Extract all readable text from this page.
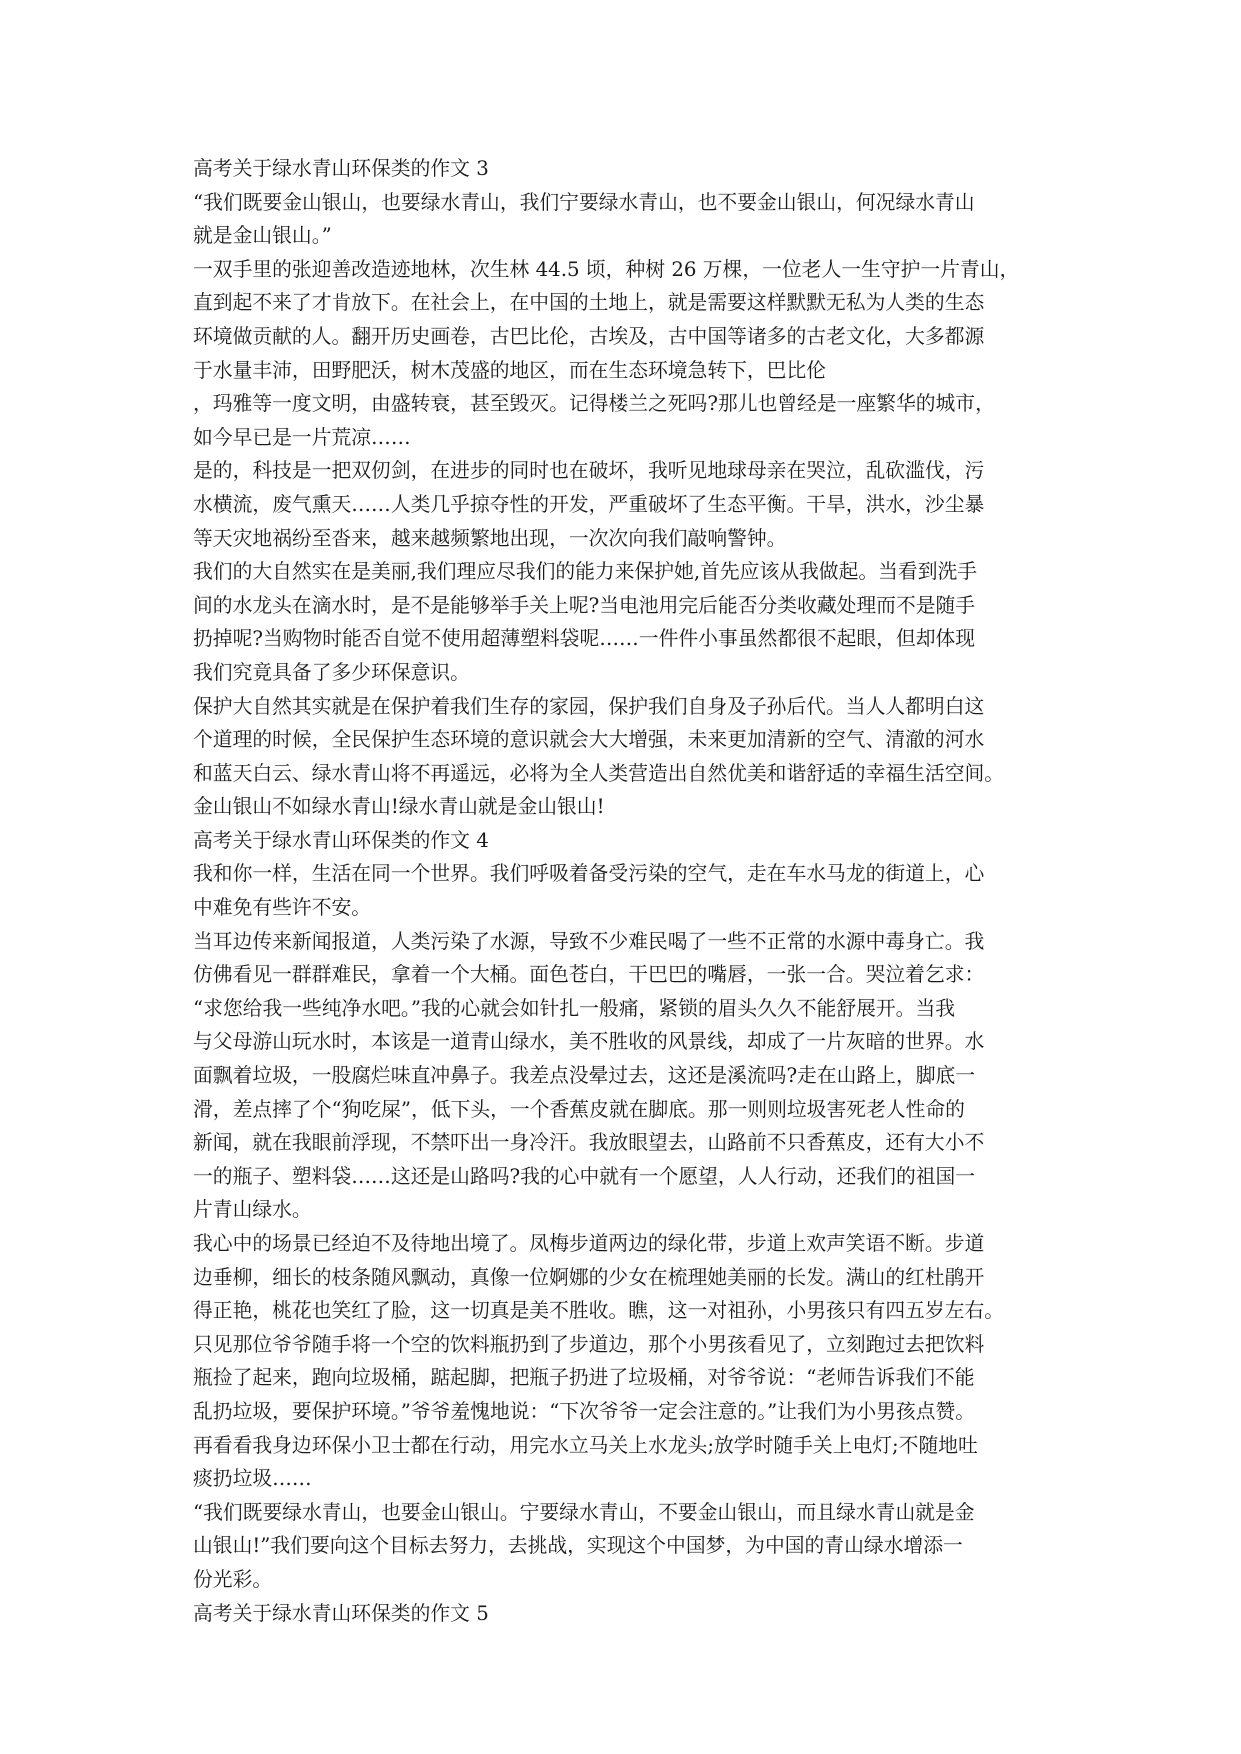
高考关于绿水青山环保类的作文 3
“我们既要金山银山，也要绿水青山，我们宁要绿水青山，也不要金山银山，何况绿水青山
就是金山银山。”
一双手里的张迎善改造迹地林，次生林 44.5 顷，种树 26 万棵，一位老人一生守护一片青山，
直到起不来了才肯放下。在社会上，在中国的土地上，就是需要这样默默无私为人类的生态
环境做贡献的人。翻开历史画卷，古巴比伦，古埃及，古中国等诸多的古老文化，大多都源
于水量丰沛，田野肥沃，树木茂盛的地区，而在生态环境急转下，巴比伦
，玛雅等一度文明，由盛转衰，甚至毁灭。记得楼兰之死吗?那儿也曾经是一座繁华的城市，
如今早已是一片荒凉……
是的，科技是一把双仞剑，在进步的同时也在破坏，我听见地球母亲在哭泣，乱砍滥伐，污
水横流，废气熏天……人类几乎掠夺性的开发，严重破坏了生态平衡。干旱，洪水，沙尘暴
等天灾地祸纷至沓来，越来越频繁地出现，一次次向我们敲响警钟。
我们的大自然实在是美丽,我们理应尽我们的能力来保护她,首先应该从我做起。当看到洗手
间的水龙头在滴水时，是不是能够举手关上呢?当电池用完后能否分类收藏处理而不是随手
扔掉呢?当购物时能否自觉不使用超薄塑料袋呢……一件件小事虽然都很不起眼，但却体现
我们究竟具备了多少环保意识。
保护大自然其实就是在保护着我们生存的家园，保护我们自身及子孙后代。当人人都明白这
个道理的时候，全民保护生态环境的意识就会大大增强，未来更加清新的空气、清澈的河水
和蓝天白云、绿水青山将不再遥远，必将为全人类营造出自然优美和谐舒适的幸福生活空间。
金山银山不如绿水青山!绿水青山就是金山银山!
高考关于绿水青山环保类的作文 4
我和你一样，生活在同一个世界。我们呼吸着备受污染的空气，走在车水马龙的街道上，心
中难免有些许不安。
当耳边传来新闻报道，人类污染了水源，导致不少难民喝了一些不正常的水源中毒身亡。我
仿佛看见一群群难民，拿着一个大桶。面色苍白，干巴巴的嘴唇，一张一合。哭泣着乞求：
“求您给我一些纯净水吧。”我的心就会如针扎一般痛，紧锁的眉头久久不能舒展开。当我
与父母游山玩水时，本该是一道青山绿水，美不胜收的风景线，却成了一片灰暗的世界。水
面飘着垃圾，一股腐烂味直冲鼻子。我差点没晕过去，这还是溪流吗?走在山路上，脚底一
滑，差点摔了个“狗吃屎”，低下头，一个香蕉皮就在脚底。那一则则垃圾害死老人性命的
新闻，就在我眼前浮现，不禁吓出一身冷汗。我放眼望去，山路前不只香蕉皮，还有大小不
一的瓶子、塑料袋……这还是山路吗?我的心中就有一个愿望，人人行动，还我们的祖国一
片青山绿水。
我心中的场景已经迫不及待地出境了。凤梅步道两边的绿化带，步道上欢声笑语不断。步道
边垂柳，细长的枝条随风飘动，真像一位婀娜的少女在梳理她美丽的长发。满山的红杜鹃开
得正艳，桃花也笑红了脸，这一切真是美不胜收。瞧，这一对祖孙，小男孩只有四五岁左右。
只见那位爷爷随手将一个空的饮料瓶扔到了步道边，那个小男孩看见了，立刻跑过去把饮料
瓶捡了起来，跑向垃圾桶，踮起脚，把瓶子扔进了垃圾桶，对爷爷说：“老师告诉我们不能
乱扔垃圾，要保护环境。”爷爷羞愧地说：“下次爷爷一定会注意的。”让我们为小男孩点赞。
再看看我身边环保小卫士都在行动，用完水立马关上水龙头;放学时随手关上电灯;不随地吐
痰扔垃圾……
“我们既要绿水青山，也要金山银山。宁要绿水青山，不要金山银山，而且绿水青山就是金
山银山!”我们要向这个目标去努力，去挑战，实现这个中国梦，为中国的青山绿水增添一
份光彩。
高考关于绿水青山环保类的作文 5
